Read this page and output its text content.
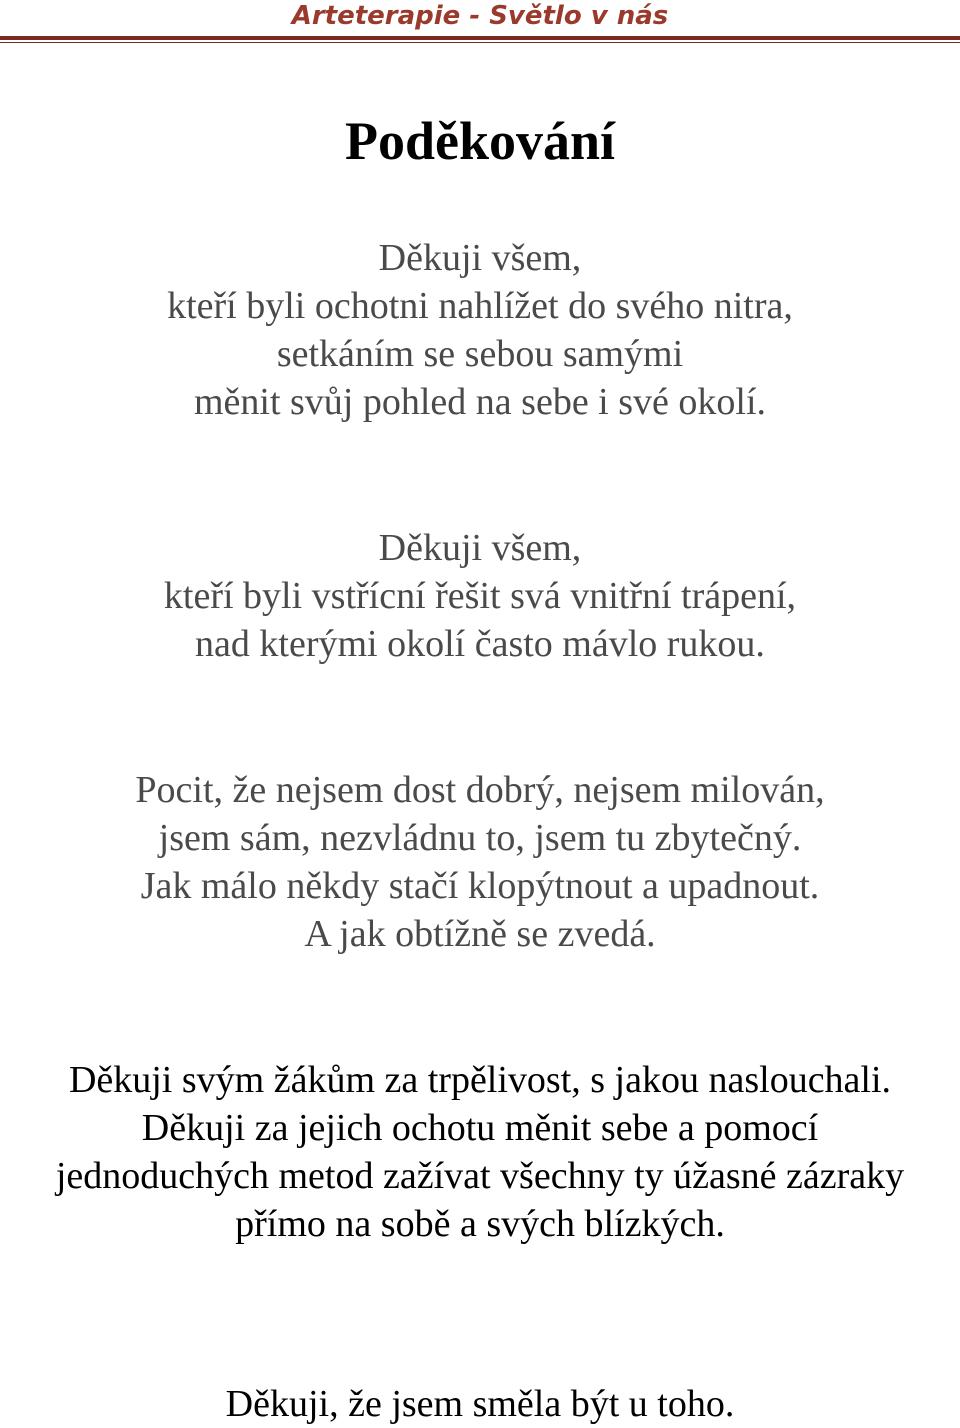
Arteterapie - Světlo v nás
Poděkování
Děkuji všem,
kteří byli ochotni nahlížet do svého nitra,
setkáním se sebou samými
měnit svůj pohled na sebe i své okolí.
Děkuji všem,
kteří byli vstřícní řešit svá vnitřní trápení,
nad kterými okolí často mávlo rukou.
Pocit, že nejsem dost dobrý, nejsem milován,
jsem sám, nezvládnu to, jsem tu zbytečný.
Jak málo někdy stačí klopýtnout a upadnout.
A jak obtížně se zvedá.
Děkuji svým žákům za trpělivost, s jakou naslouchali.
Děkuji za jejich ochotu měnit sebe a pomocí
jednoduchých metod zažívat všechny ty úžasné zázraky
přímo na sobě a svých blízkých.

Děkuji, že jsem směla být u toho.
